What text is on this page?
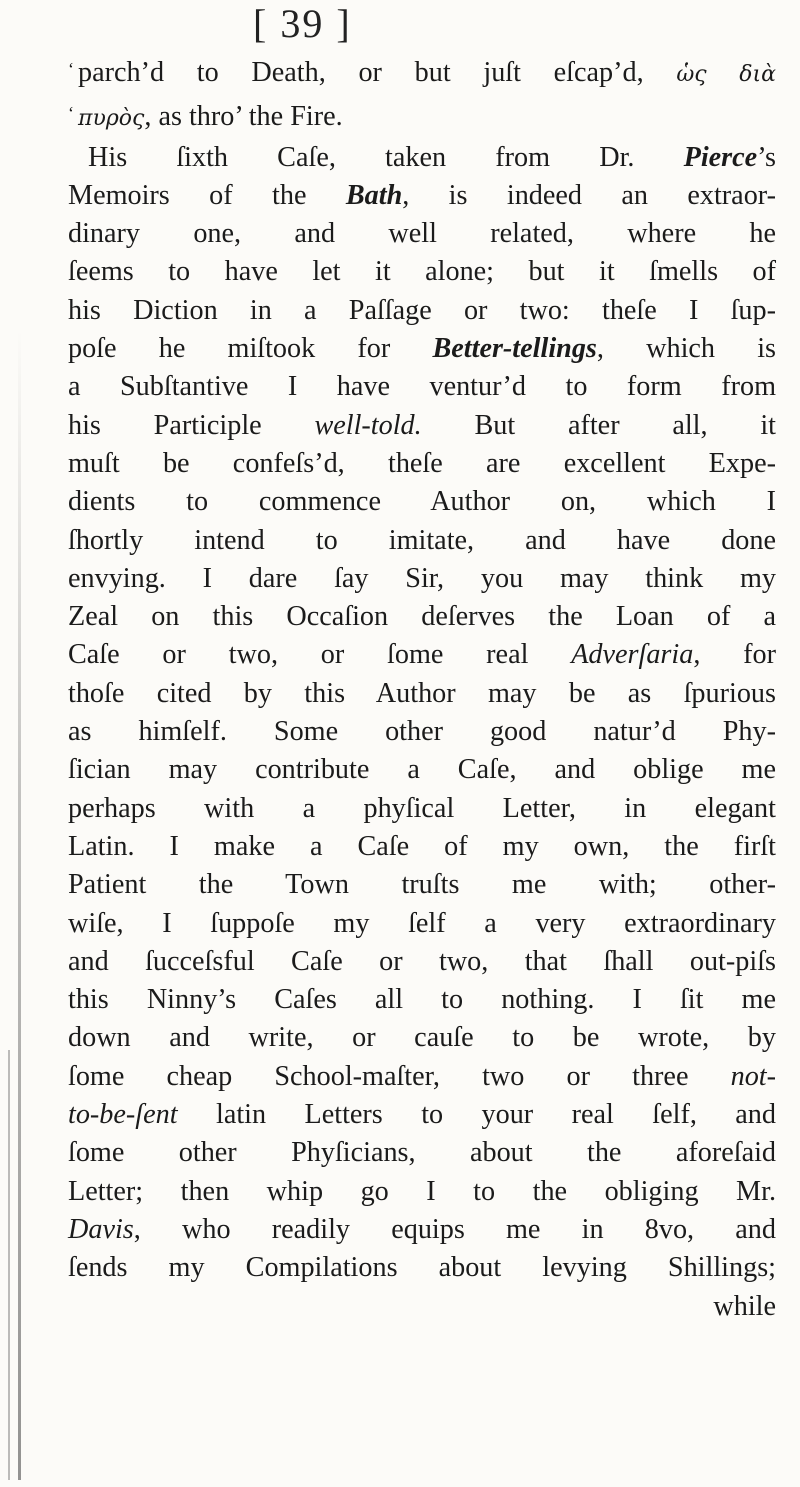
[ 39 ]
‘ parch’d to Death, or but juſt eſcap’d, ὡς διὰ
‘ πυρὸς, as thro’ the Fire.
His ſixth Caſe, taken from Dr. Pierce’s
Memoirs of the Bath, is indeed an extraor-
dinary one, and well related, where he
ſeems to have let it alone; but it ſmells of
his Diction in a Paſſage or two: theſe I ſup-
poſe he miſtook for Better-tellings, which is
a Subſtantive I have ventur’d to form from
his Participle well-told. But after all, it
muſt be confeſs’d, theſe are excellent Expe-
dients to commence Author on, which I
ſhortly intend to imitate, and have done
envying. I dare ſay Sir, you may think my
Zeal on this Occaſion deſerves the Loan of a
Caſe or two, or ſome real Adverſaria, for
thoſe cited by this Author may be as ſpurious
as himſelf. Some other good natur’d Phy-
ſician may contribute a Caſe, and oblige me
perhaps with a phyſical Letter, in elegant
Latin. I make a Caſe of my own, the firſt
Patient the Town truſts me with; other-
wiſe, I ſuppoſe my ſelf a very extraordinary
and ſucceſsful Caſe or two, that ſhall out-piſs
this Ninny’s Caſes all to nothing. I ſit me
down and write, or cauſe to be wrote, by
ſome cheap School-maſter, two or three not-
to-be-ſent latin Letters to your real ſelf, and
ſome other Phyſicians, about the aforeſaid
Letter; then whip go I to the obliging Mr.
Davis, who readily equips me in 8vo, and
ſends my Compilations about levying Shillings;
while
